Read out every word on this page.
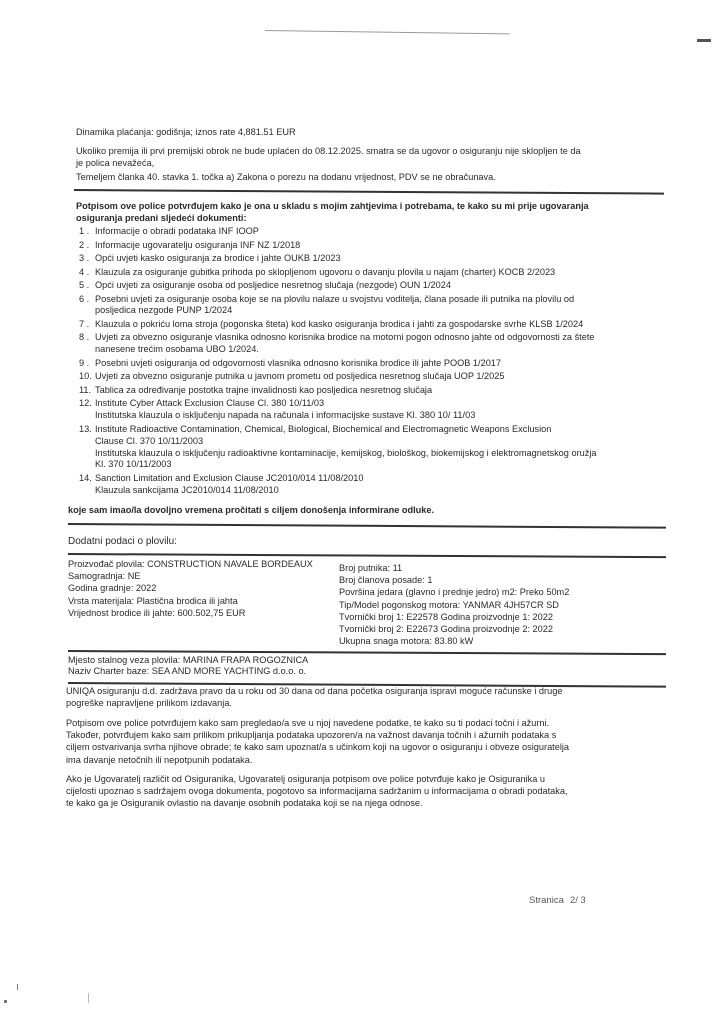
Dinamika plaćanja: godišnja; iznos rate 4,881.51 EUR
Ukoliko premija ili prvi premijski obrok ne bude uplaćen do 08.12.2025. smatra se da ugovor o osiguranju nije sklopljen te da
je polica nevažeća,
Temeljem članka 40. stavka 1. točka a) Zakona o porezu na dodanu vrijednost, PDV se ne obračunava.
Potpisom ove police potvrđujem kako je ona u skladu s mojim zahtjevima i potrebama, te kako su mi prije ugovaranja
osiguranja predani sljedeći dokumenti:
1 . Informacije o obradi podataka INF IOOP
2 . Informacije ugovaratelju osiguranja INF NZ 1/2018
3 . Opći uvjeti kasko osiguranja za brodice i jahte OUKB 1/2023
4 . Klauzula za osiguranje gubitka prihoda po sklopljenom ugovoru o davanju plovila u najam (charter) KOCB 2/2023
5 . Opći uvjeti za osiguranje osoba od posljedice nesretnog slučaja (nezgode) OUN 1/2024
6 . Posebni uvjeti za osiguranje osoba koje se na plovilu nalaze u svojstvu voditelja, člana posade ili putnika na plovilu od
posljedica nezgode PUNP 1/2024
7 . Klauzula o pokriću loma stroja (pogonska šteta) kod kasko osiguranja brodica i jahti za gospodarske svrhe KLSB 1/2024
8 . Uvjeti za obvezno osiguranje vlasnika odnosno korisnika brodice na motorni pogon odnosno jahte od odgovornosti za štete
nanesene trećim osobama UBO 1/2024.
9 . Posebni uvjeti osiguranja od odgovornosti vlasnika odnosno korisnika brodice ili jahte POOB 1/2017
10. Uvjeti za obvezno osiguranje putnika u javnom prometu od posljedica nesretnog slučaja UOP 1/2025
11. Tablica za određivanje postotka trajne invalidnosti kao posljedica nesretnog slučaja
12. Institute Cyber Attack Exclusion Clause Cl. 380 10/11/03
Institutska klauzula o isključenju napada na računala i informacijske sustave Kl. 380 10/ 11/03
13. Institute Radioactive Contamination, Chemical, Biological, Biochemical and Electromagnetic Weapons Exclusion
Clause Cl. 370 10/11/2003
Institutska klauzula o isključenju radioaktivne kontaminacije, kemijskog, biološkog, biokemijskog i elektromagnetskog oružja
Kl. 370 10/11/2003
14. Sanction Limitation and Exclusion Clause JC2010/014 11/08/2010
Klauzula sankcijama JC2010/014 11/08/2010
koje sam imao/la dovoljno vremena pročitati s ciljem donošenja informirane odluke.
Dodatni podaci o plovilu:
Proizvođač plovila: CONSTRUCTION NAVALE BORDEAUX
Samogradnja: NE
Godina gradnje: 2022
Vrsta materijala: Plastična brodica ili jahta
Vrijednost brodice ili jahte: 600.502,75 EUR
Broj putnika: 11
Broj članova posade: 1
Površina jedara (glavno i prednje jedro) m2: Preko 50m2
Tip/Model pogonskog motora: YANMAR 4JH57CR SD
Tvornički broj 1: E22578 Godina proizvodnje 1: 2022
Tvornički broj 2: E22673 Godina proizvodnje 2: 2022
Ukupna snaga motora: 83.80 kW
Mjesto stalnog veza plovila: MARINA FRAPA ROGOZNICA
Naziv Charter baze: SEA AND MORE YACHTING d.o.o. o.
UNIQA osiguranju d.d. zadržava pravo da u roku od 30 dana od dana početka osiguranja ispravi moguće računske i druge
pogreške napravljene prilikom izdavanja.
Potpisom ove police potvrđujem kako sam pregledao/a sve u njoj navedene podatke, te kako su ti podaci točni i ažurni.
Također, potvrđujem kako sam prilikom prikupljanja podataka upozoren/a na važnost davanja točnih i ažurnih podataka s
ciljem ostvarivanja svrha njihove obrade; te kako sam upoznat/a s učinkom koji na ugovor o osiguranju i obveze osiguratelja
ima davanje netočnih ili nepotpunih podataka.
Ako je Ugovaratelj različit od Osiguranika, Ugovaratelj osiguranja potpisom ove police potvrđuje kako je Osiguranika u
cijelosti upoznao s sadržajem ovoga dokumenta, pogotovo sa informacijama sadržanim u informacijama o obradi podataka,
te kako ga je Osiguranik ovlastio na davanje osobnih podataka koji se na njega odnose.
Stranica 2/ 3
